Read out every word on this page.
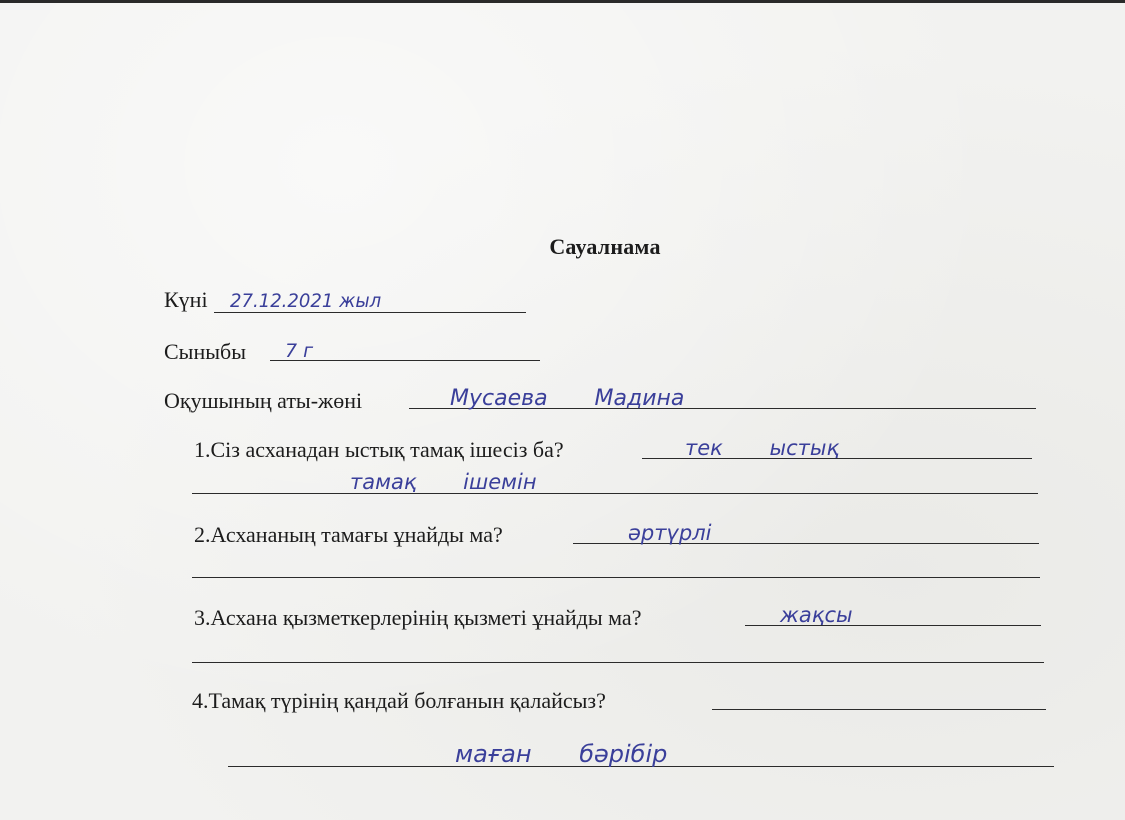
Сауалнама
Күні 27.12.2021 жыл
Сыныбы 7 г
Оқушының аты-жөні	Мусаева Мадина
1.Сіз асханадан ыстық тамақ ішесіз ба?	тек ыстық
тамақ ішемін
2.Асхананың тамағы ұнайды ма?	әртүрлі
3.Асхана қызметкерлерінің қызметі ұнайды ма?	жақсы
4.Тамақ түрінің қандай болғанын қалайсыз?
маған бәрібір
